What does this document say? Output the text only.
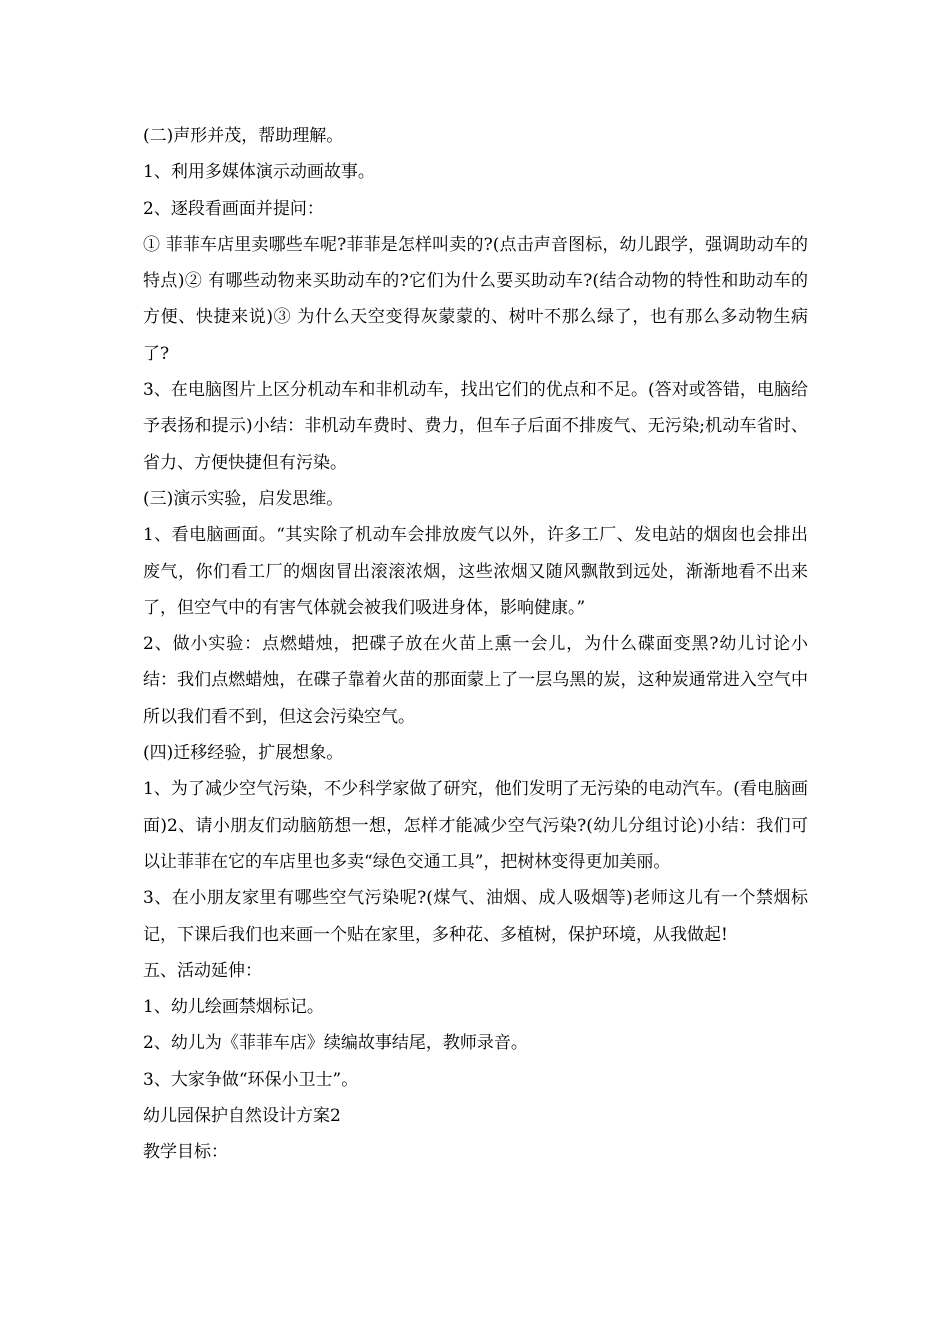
(二)声形并茂，帮助理解。

1、利用多媒体演示动画故事。

2、逐段看画面并提问：

① 菲菲车店里卖哪些车呢?菲菲是怎样叫卖的?(点击声音图标，幼儿跟学，强调助动车的特点)② 有哪些动物来买助动车的?它们为什么要买助动车?(结合动物的特性和助动车的方便、快捷来说)③ 为什么天空变得灰蒙蒙的、树叶不那么绿了，也有那么多动物生病了?

3、在电脑图片上区分机动车和非机动车，找出它们的优点和不足。(答对或答错，电脑给予表扬和提示)小结：非机动车费时、费力，但车子后面不排废气、无污染;机动车省时、省力、方便快捷但有污染。

(三)演示实验，启发思维。

1、看电脑画面。“其实除了机动车会排放废气以外，许多工厂、发电站的烟囱也会排出废气，你们看工厂的烟囱冒出滚滚浓烟，这些浓烟又随风飘散到远处，渐渐地看不出来了，但空气中的有害气体就会被我们吸进身体，影响健康。”

2、做小实验：点燃蜡烛，把碟子放在火苗上熏一会儿，为什么碟面变黑?幼儿讨论小结：我们点燃蜡烛，在碟子靠着火苗的那面蒙上了一层乌黑的炭，这种炭通常进入空气中所以我们看不到，但这会污染空气。

(四)迁移经验，扩展想象。

1、为了减少空气污染，不少科学家做了研究，他们发明了无污染的电动汽车。(看电脑画面)2、请小朋友们动脑筋想一想，怎样才能减少空气污染?(幼儿分组讨论)小结：我们可以让菲菲在它的车店里也多卖“绿色交通工具”，把树林变得更加美丽。

3、在小朋友家里有哪些空气污染呢?(煤气、油烟、成人吸烟等)老师这儿有一个禁烟标记，下课后我们也来画一个贴在家里，多种花、多植树，保护环境，从我做起!

五、活动延伸：

1、幼儿绘画禁烟标记。

2、幼儿为《菲菲车店》续编故事结尾，教师录音。

3、大家争做“环保小卫士”。

幼儿园保护自然设计方案2

教学目标：
